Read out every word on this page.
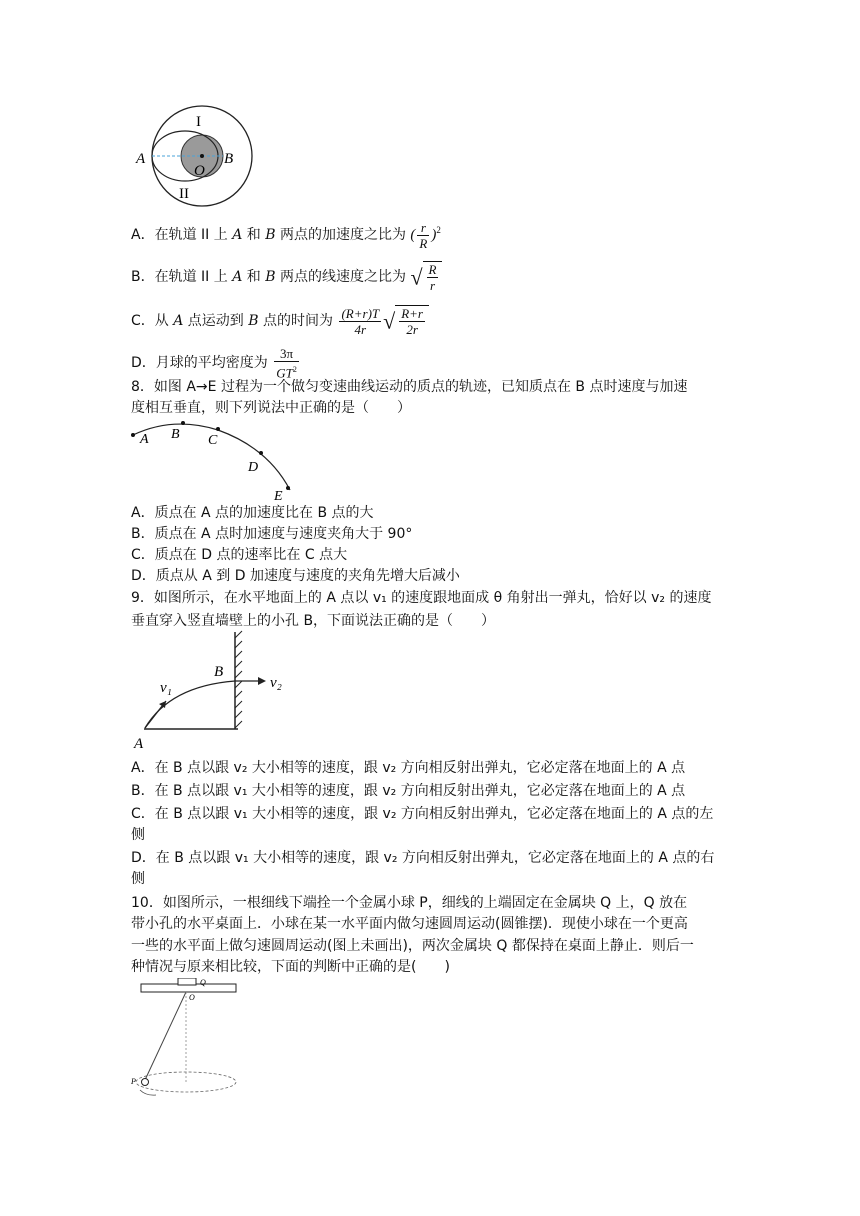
I
II
A	B
O
A．在轨道 II 上 A 和 B 两点的加速度之比为 ( $\frac{r}{R} )^2$
B．在轨道 II 上 A 和 B 两点的线速度之比为 √ $\frac{R}{r}$
C．从 A 点运动到 B 点的时间为 $\frac{(R+r)T}{4r}$ √ $\frac{R+r}{2r}$
D．月球的平均密度为 $\frac{3\pi}{GT^2}$
8．如图 A→E 过程为一个做匀变速曲线运动的质点的轨迹，已知质点在 B 点时速度与加速
度相互垂直，则下列说法中正确的是（　　）
A B C
D
E
A．质点在 A 点的加速度比在 B 点的大
B．质点在 A 点时加速度与速度夹角大于 90°
C．质点在 D 点的速率比在 C 点大
D．质点从 A 到 D 加速度与速度的夹角先增大后减小
9．如图所示，在水平地面上的 A 点以 v₁ 的速度跟地面成 θ 角射出一弹丸，恰好以 v₂ 的速度
垂直穿入竖直墙壁上的小孔 B，下面说法正确的是（　　）
v₁	v₂
A
B
A．在 B 点以跟 v₂ 大小相等的速度，跟 v₂ 方向相反射出弹丸，它必定落在地面上的 A 点
B．在 B 点以跟 v₁ 大小相等的速度，跟 v₂ 方向相反射出弹丸，它必定落在地面上的 A 点
C．在 B 点以跟 v₁ 大小相等的速度，跟 v₂ 方向相反射出弹丸，它必定落在地面上的 A 点的左
侧
D．在 B 点以跟 v₁ 大小相等的速度，跟 v₂ 方向相反射出弹丸，它必定落在地面上的 A 点的右
侧
10．如图所示，一根细线下端拴一个金属小球 P，细线的上端固定在金属块 Q 上，Q 放在
带小孔的水平桌面上．小球在某一水平面内做匀速圆周运动(圆锥摆)．现使小球在一个更高
一些的水平面上做匀速圆周运动(图上未画出)，两次金属块 Q 都保持在桌面上静止．则后一
种情况与原来相比较，下面的判断中正确的是(　　)
Q
O
P
